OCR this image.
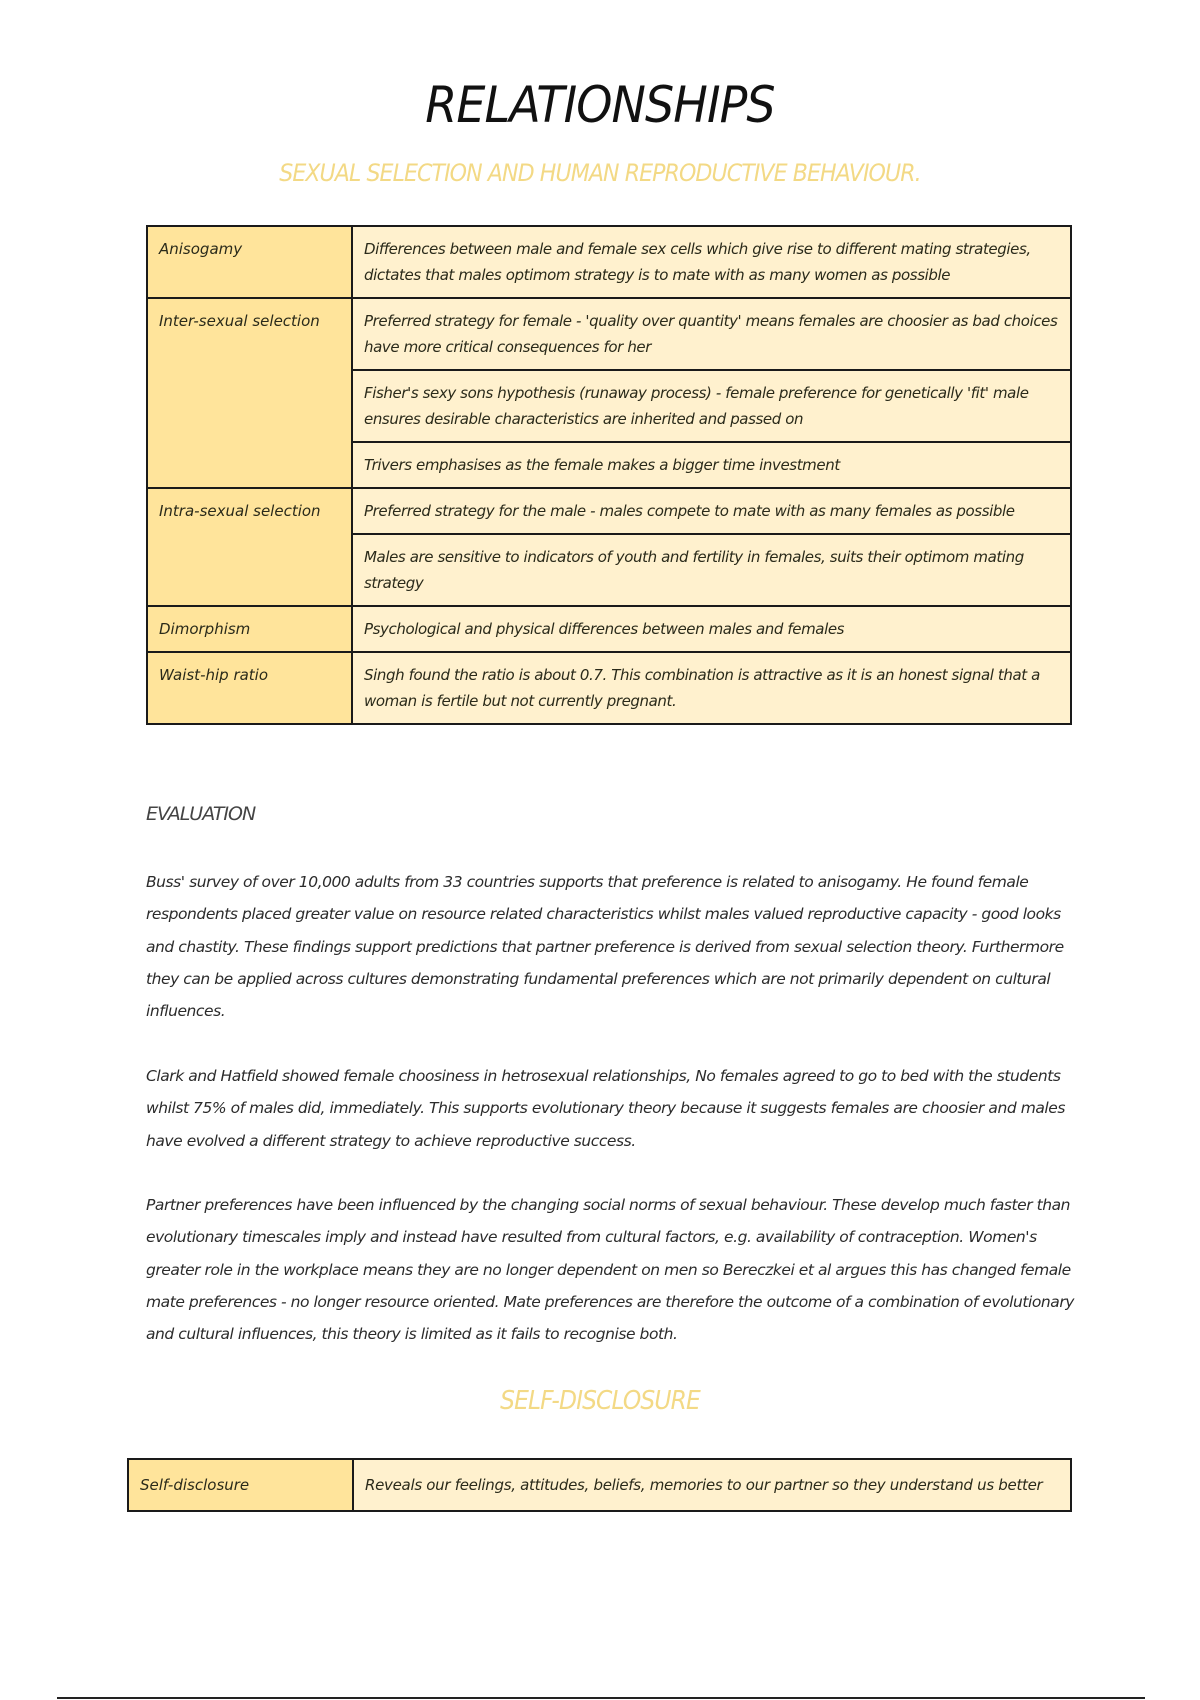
RELATIONSHIPS
SEXUAL SELECTION AND HUMAN REPRODUCTIVE BEHAVIOUR.
Anisogamy	Differences between male and female sex cells which give rise to different mating strategies, dictates that males optimom strategy is to mate with as many women as possible
Inter-sexual selection	Preferred strategy for female - 'quality over quantity' means females are choosier as bad choices have more critical consequences for her
	Fisher's sexy sons hypothesis (runaway process) - female preference for genetically 'fit' male ensures desirable characteristics are inherited and passed on
	Trivers emphasises as the female makes a bigger time investment
Intra-sexual selection	Preferred strategy for the male - males compete to mate with as many females as possible
	Males are sensitive to indicators of youth and fertility in females, suits their optimom mating strategy
Dimorphism	Psychological and physical differences between males and females
Waist-hip ratio	Singh found the ratio is about 0.7. This combination is attractive as it is an honest signal that a woman is fertile but not currently pregnant.
EVALUATION

Buss' survey of over 10,000 adults from 33 countries supports that preference is related to anisogamy. He found female respondents placed greater value on resource related characteristics whilst males valued reproductive capacity - good looks and chastity. These findings support predictions that partner preference is derived from sexual selection theory. Furthermore they can be applied across cultures demonstrating fundamental preferences which are not primarily dependent on cultural influences.

Clark and Hatfield showed female choosiness in hetrosexual relationships, No females agreed to go to bed with the students whilst 75% of males did, immediately. This supports evolutionary theory because it suggests females are choosier and males have evolved a different strategy to achieve reproductive success.

Partner preferences have been influenced by the changing social norms of sexual behaviour. These develop much faster than evolutionary timescales imply and instead have resulted from cultural factors, e.g. availability of contraception. Women's greater role in the workplace means they are no longer dependent on men so Bereczkei et al argues this has changed female mate preferences - no longer resource oriented. Mate preferences are therefore the outcome of a combination of evolutionary and cultural influences, this theory is limited as it fails to recognise both.

SELF-DISCLOSURE
Self-disclosure	Reveals our feelings, attitudes, beliefs, memories to our partner so they understand us better
